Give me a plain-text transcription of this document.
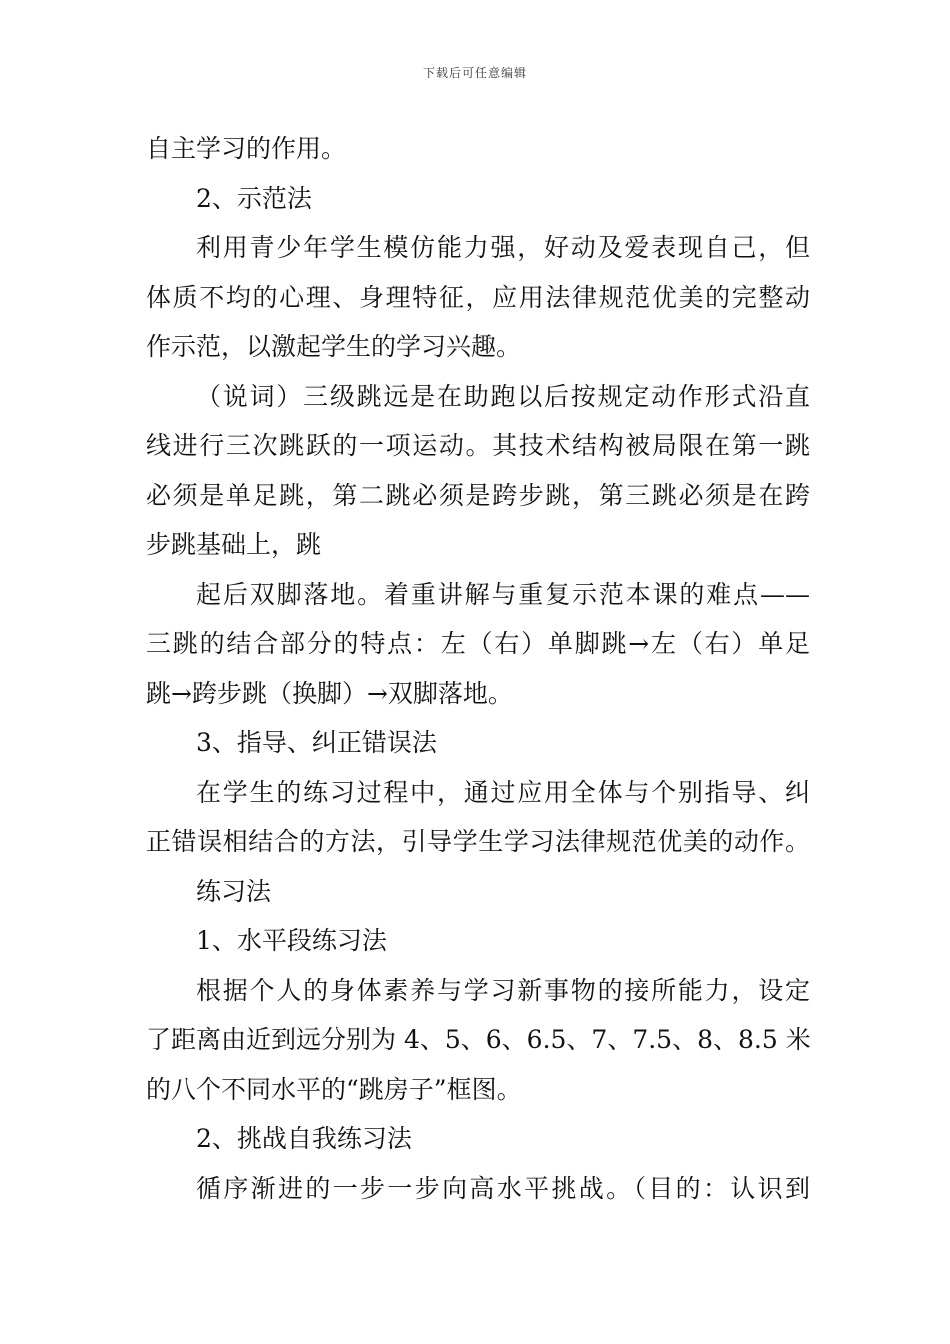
下载后可任意编辑
自主学习的作用。
2、示范法
利用青少年学生模仿能力强，好动及爱表现自己，但
体质不均的心理、身理特征，应用法律规范优美的完整动
作示范，以激起学生的学习兴趣。
（说词）三级跳远是在助跑以后按规定动作形式沿直
线进行三次跳跃的一项运动。其技术结构被局限在第一跳
必须是单足跳，第二跳必须是跨步跳，第三跳必须是在跨
步跳基础上，跳
起后双脚落地。着重讲解与重复示范本课的难点——
三跳的结合部分的特点：左（右）单脚跳→左（右）单足
跳→跨步跳（换脚）→双脚落地。
3、指导、纠正错误法
在学生的练习过程中，通过应用全体与个别指导、纠
正错误相结合的方法，引导学生学习法律规范优美的动作。
练习法
1、水平段练习法
根据个人的身体素养与学习新事物的接所能力，设定
了距离由近到远分别为 4、5、6、6.5、7、7.5、8、8.5 米
的八个不同水平的“跳房子”框图。
2、挑战自我练习法
循序渐进的一步一步向高水平挑战。（目的：认识到
